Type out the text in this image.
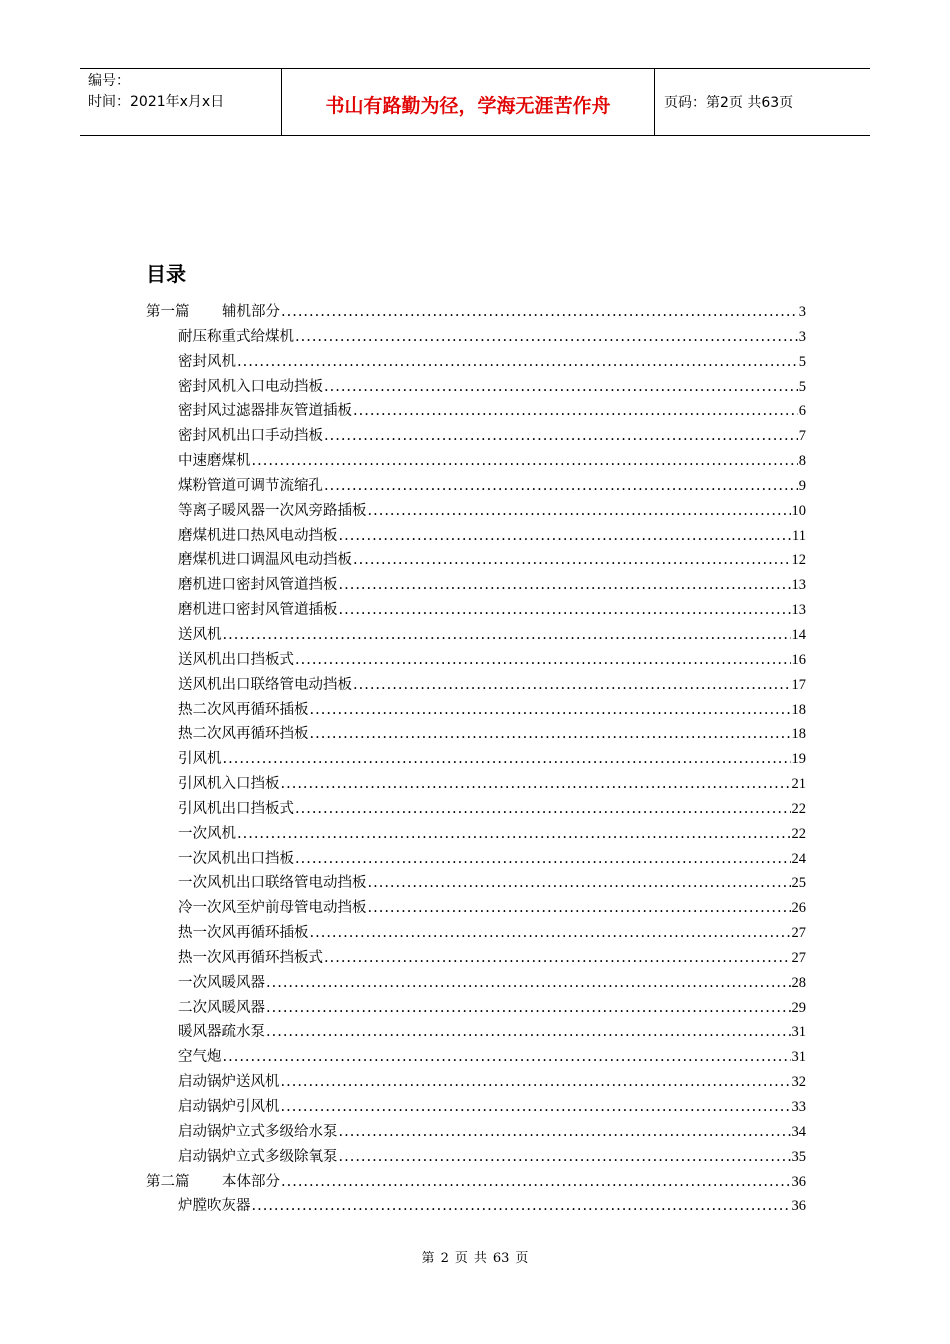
编号：
时间：2021年x月x日	书山有路勤为径，学海无涯苦作舟	页码：第2页 共63页
目录
第一篇	辅机部分 .....	3
耐压称重式给煤机 .....	3
密封风机 .....	5
密封风机入口电动挡板 .....	5
密封风过滤器排灰管道插板 .....	6
密封风机出口手动挡板 .....	7
中速磨煤机 .....	8
煤粉管道可调节流缩孔 .....	9
等离子暖风器一次风旁路插板 .....	10
磨煤机进口热风电动挡板 .....	11
磨煤机进口调温风电动挡板 .....	12
磨机进口密封风管道挡板 .....	13
磨机进口密封风管道插板 .....	13
送风机 .....	14
送风机出口挡板式 .....	16
送风机出口联络管电动挡板 .....	17
热二次风再循环插板 .....	18
热二次风再循环挡板 .....	18
引风机 .....	19
引风机入口挡板 .....	21
引风机出口挡板式 .....	22
一次风机 .....	22
一次风机出口挡板 .....	24
一次风机出口联络管电动挡板 .....	25
冷一次风至炉前母管电动挡板 .....	26
热一次风再循环插板 .....	27
热一次风再循环挡板式 .....	27
一次风暖风器 .....	28
二次风暖风器 .....	29
暖风器疏水泵 .....	31
空气炮 .....	31
启动锅炉送风机 .....	32
启动锅炉引风机 .....	33
启动锅炉立式多级给水泵 .....	34
启动锅炉立式多级除氧泵 .....	35
第二篇	本体部分 .....	36
炉膛吹灰器 .....	36
第 2 页 共 63 页
